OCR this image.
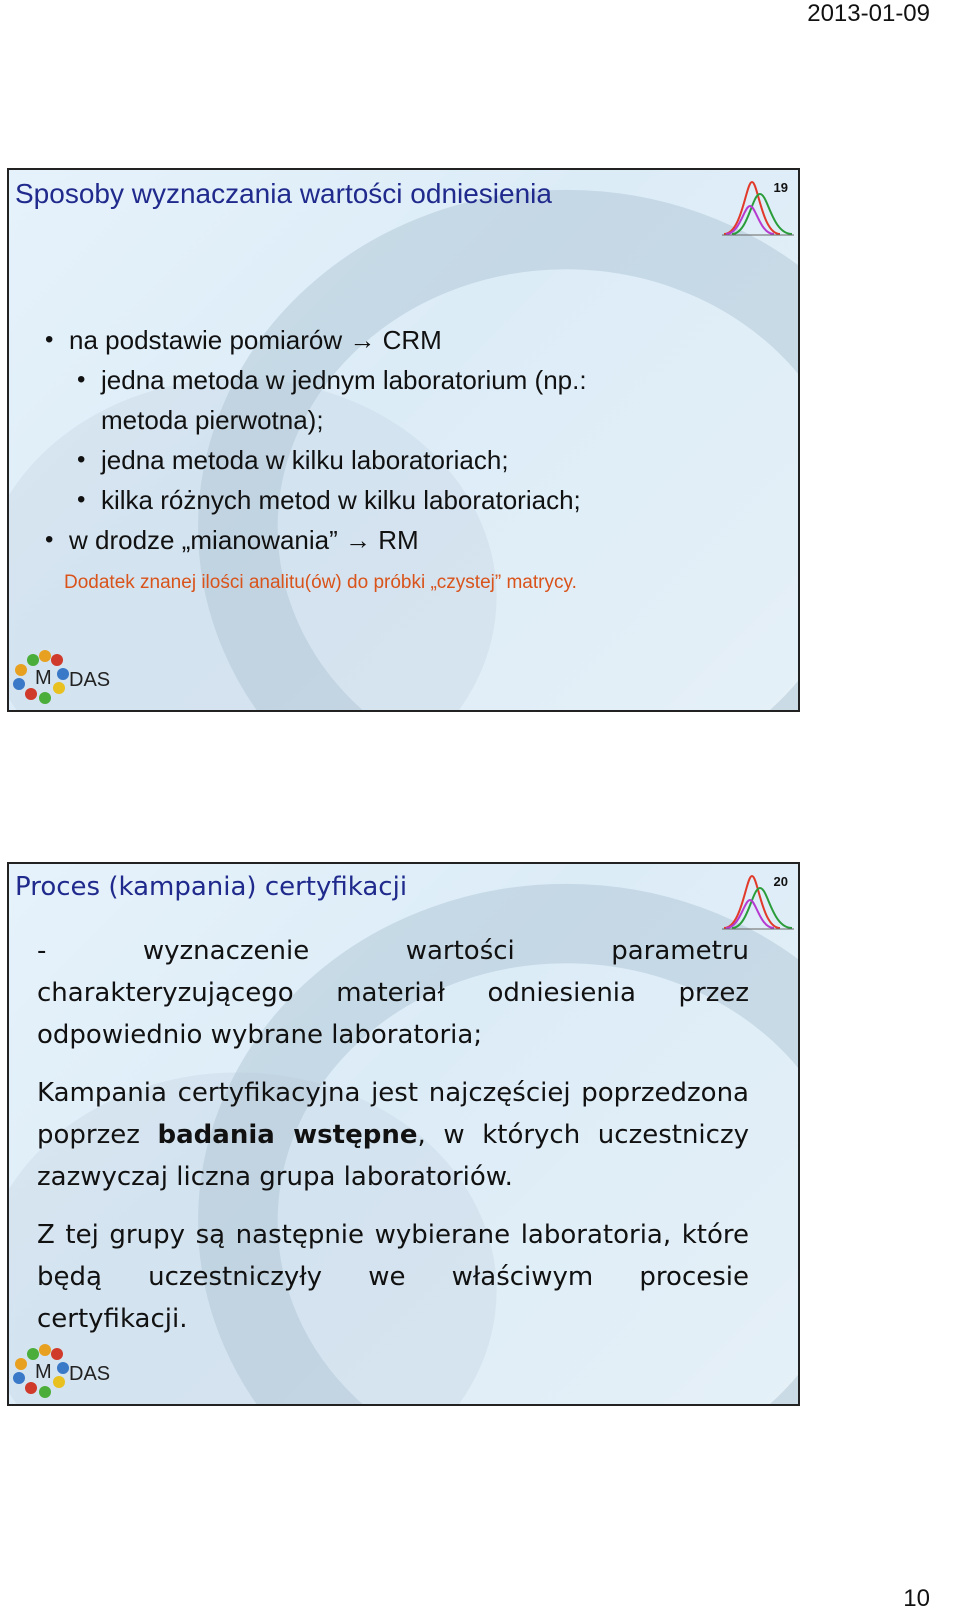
2013-01-09
Sposoby wyznaczania wartości odniesienia	19
• na podstawie pomiarów → CRM
• jedna metoda w jednym laboratorium (np.:
metoda pierwotna);
• jedna metoda w kilku laboratoriach;
• kilka różnych metod w kilku laboratoriach;
• w drodze „mianowania” → RM
Dodatek znanej ilości analitu(ów) do próbki „czystej” matrycy.
M DAS
Proces (kampania) certyfikacji	20

- wyznaczenie wartości parametru charakteryzującego materiał odniesienia przez odpowiednio wybrane laboratoria;

Kampania certyfikacyjna jest najczęściej poprzedzona poprzez badania wstępne, w których uczestniczy zazwyczaj liczna grupa laboratoriów.

Z tej grupy są następnie wybierane laboratoria, które będą uczestniczyły we właściwym procesie certyfikacji.

M DAS
10
